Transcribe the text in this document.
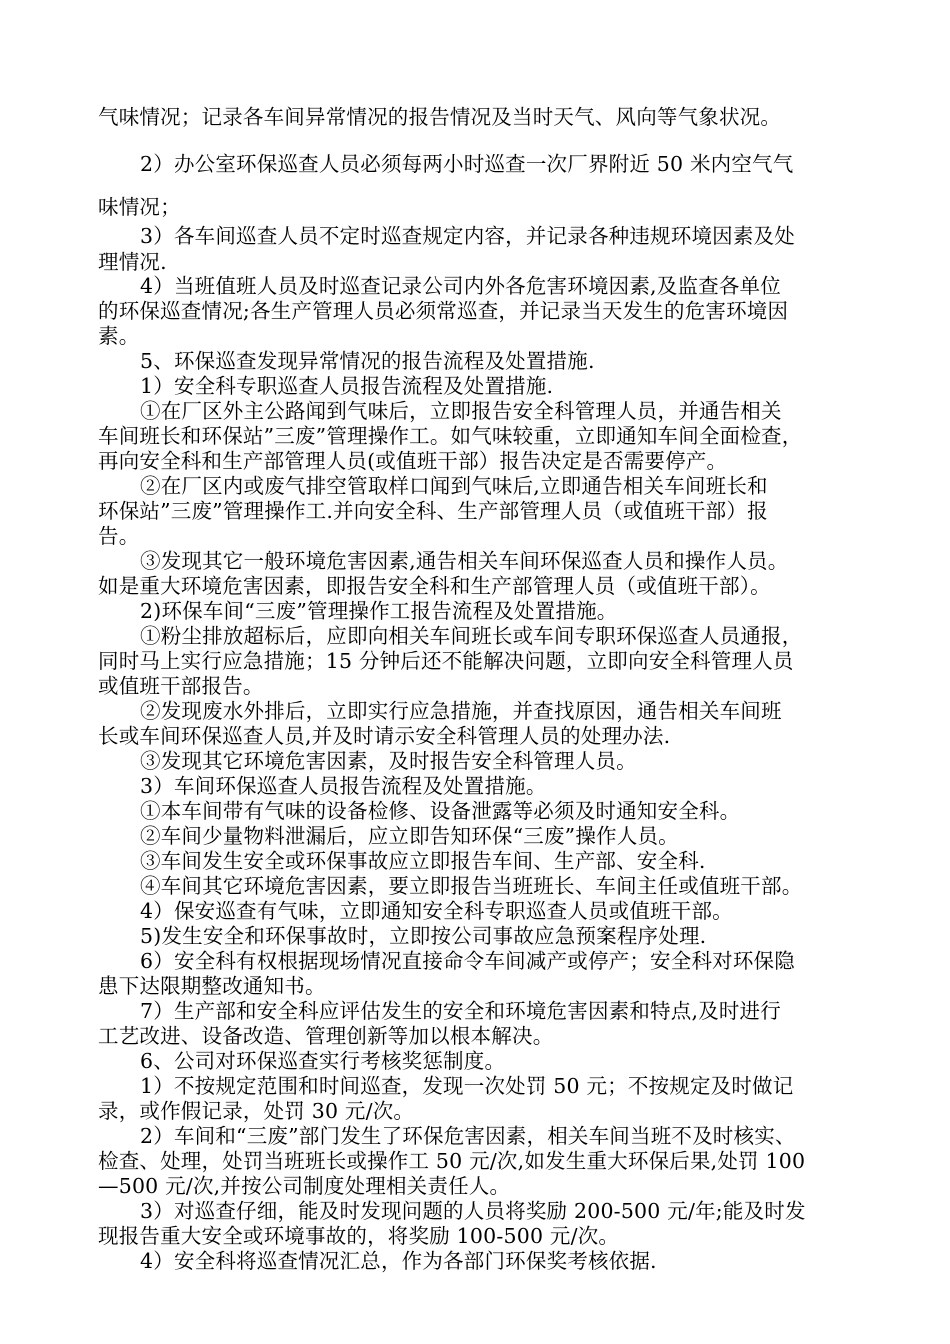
气味情况；记录各车间异常情况的报告情况及当时天气、风向等气象状况。
2）办公室环保巡查人员必须每两小时巡查一次厂界附近 50 米内空气气
味情况；
3）各车间巡查人员不定时巡查规定内容，并记录各种违规环境因素及处
理情况.
4）当班值班人员及时巡查记录公司内外各危害环境因素,及监查各单位
的环保巡查情况;各生产管理人员必须常巡查，并记录当天发生的危害环境因
素。
5、环保巡查发现异常情况的报告流程及处置措施.
1）安全科专职巡查人员报告流程及处置措施.
①在厂区外主公路闻到气味后，立即报告安全科管理人员，并通告相关
车间班长和环保站”三废”管理操作工。如气味较重，立即通知车间全面检查，
再向安全科和生产部管理人员(或值班干部）报告决定是否需要停产。
②在厂区内或废气排空管取样口闻到气味后,立即通告相关车间班长和
环保站”三废”管理操作工.并向安全科、生产部管理人员（或值班干部）报
告。
③发现其它一般环境危害因素,通告相关车间环保巡查人员和操作人员。
如是重大环境危害因素，即报告安全科和生产部管理人员（或值班干部）。
2)环保车间“三废”管理操作工报告流程及处置措施。
①粉尘排放超标后，应即向相关车间班长或车间专职环保巡查人员通报，
同时马上实行应急措施；15 分钟后还不能解决问题，立即向安全科管理人员
或值班干部报告。
②发现废水外排后，立即实行应急措施，并查找原因，通告相关车间班
长或车间环保巡查人员,并及时请示安全科管理人员的处理办法.
③发现其它环境危害因素，及时报告安全科管理人员。
3）车间环保巡查人员报告流程及处置措施。
①本车间带有气味的设备检修、设备泄露等必须及时通知安全科。
②车间少量物料泄漏后，应立即告知环保“三废”操作人员。
③车间发生安全或环保事故应立即报告车间、生产部、安全科.
④车间其它环境危害因素，要立即报告当班班长、车间主任或值班干部。
4）保安巡查有气味，立即通知安全科专职巡查人员或值班干部。
5)发生安全和环保事故时，立即按公司事故应急预案程序处理.
6）安全科有权根据现场情况直接命令车间减产或停产；安全科对环保隐
患下达限期整改通知书。
7）生产部和安全科应评估发生的安全和环境危害因素和特点,及时进行
工艺改进、设备改造、管理创新等加以根本解决。
6、公司对环保巡查实行考核奖惩制度。
1）不按规定范围和时间巡查，发现一次处罚 50 元；不按规定及时做记
录，或作假记录，处罚 30 元/次。
2）车间和“三废”部门发生了环保危害因素，相关车间当班不及时核实、
检查、处理，处罚当班班长或操作工 50 元/次,如发生重大环保后果,处罚 100
—500 元/次,并按公司制度处理相关责任人。
3）对巡查仔细，能及时发现问题的人员将奖励 200-500 元/年;能及时发
现报告重大安全或环境事故的，将奖励 100-500 元/次。
4）安全科将巡查情况汇总，作为各部门环保奖考核依据.
